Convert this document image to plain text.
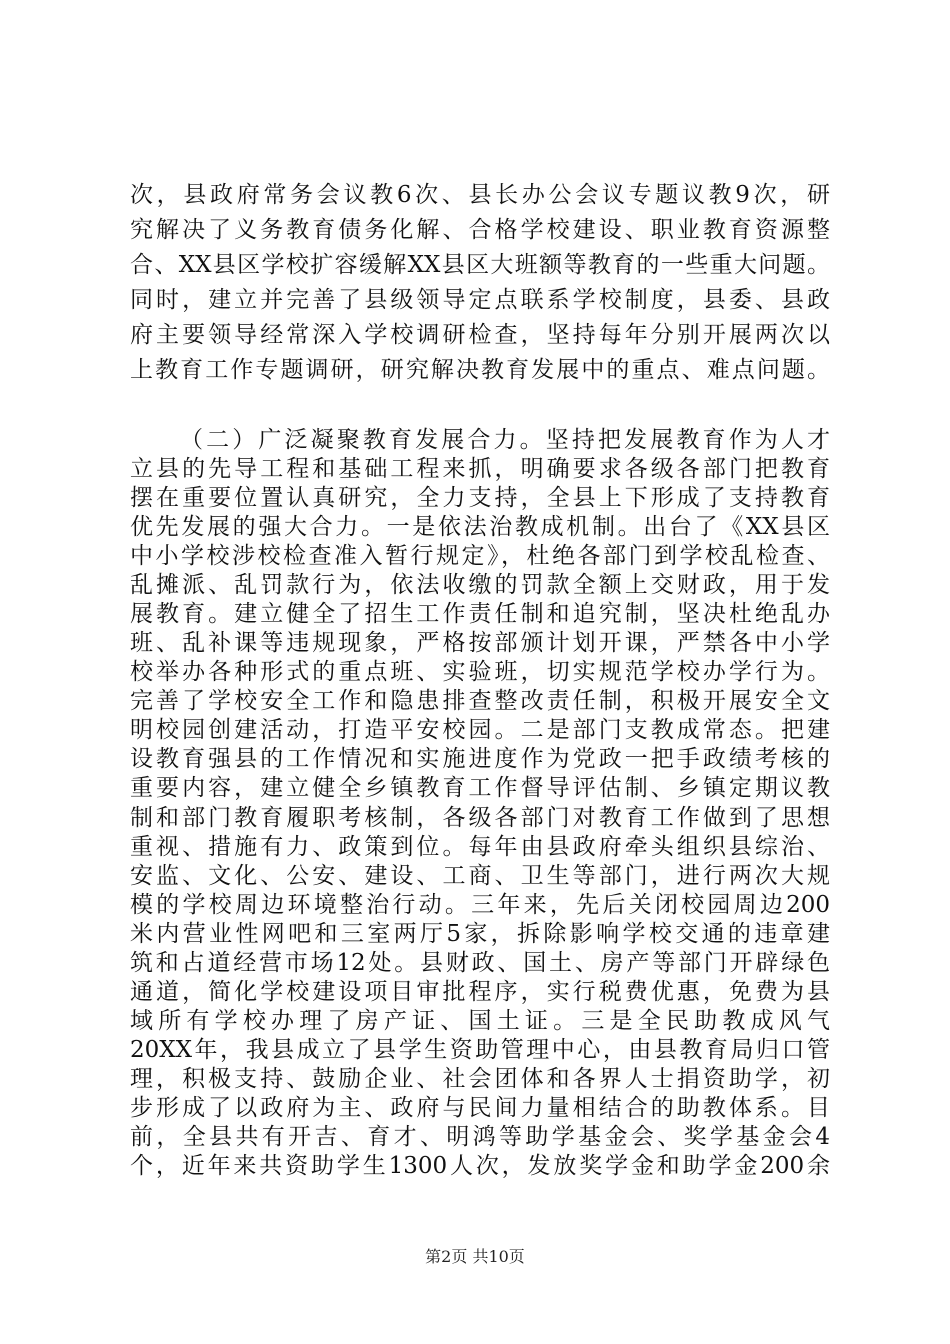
次，县政府常务会议教6次、县长办公会议专题议教9次，研
究解决了义务教育债务化解、合格学校建设、职业教育资源整
合、XX县区学校扩容缓解XX县区大班额等教育的一些重大问题。
同时，建立并完善了县级领导定点联系学校制度，县委、县政
府主要领导经常深入学校调研检查，坚持每年分别开展两次以
上教育工作专题调研，研究解决教育发展中的重点、难点问题。
（二）广泛凝聚教育发展合力。坚持把发展教育作为人才
立县的先导工程和基础工程来抓，明确要求各级各部门把教育
摆在重要位置认真研究，全力支持，全县上下形成了支持教育
优先发展的强大合力。一是依法治教成机制。出台了《XX县区
中小学校涉校检查准入暂行规定》，杜绝各部门到学校乱检查、
乱摊派、乱罚款行为，依法收缴的罚款全额上交财政，用于发
展教育。建立健全了招生工作责任制和追究制，坚决杜绝乱办
班、乱补课等违规现象，严格按部颁计划开课，严禁各中小学
校举办各种形式的重点班、实验班，切实规范学校办学行为。
完善了学校安全工作和隐患排查整改责任制，积极开展安全文
明校园创建活动，打造平安校园。二是部门支教成常态。把建
设教育强县的工作情况和实施进度作为党政一把手政绩考核的
重要内容，建立健全乡镇教育工作督导评估制、乡镇定期议教
制和部门教育履职考核制，各级各部门对教育工作做到了思想
重视、措施有力、政策到位。每年由县政府牵头组织县综治、
安监、文化、公安、建设、工商、卫生等部门，进行两次大规
模的学校周边环境整治行动。三年来，先后关闭校园周边200
米内营业性网吧和三室两厅5家，拆除影响学校交通的违章建
筑和占道经营市场12处。县财政、国土、房产等部门开辟绿色
通道，简化学校建设项目审批程序，实行税费优惠，免费为县
域所有学校办理了房产证、国土证。三是全民助教成风气
20XX年，我县成立了县学生资助管理中心，由县教育局归口管
理，积极支持、鼓励企业、社会团体和各界人士捐资助学，初
步形成了以政府为主、政府与民间力量相结合的助教体系。目
前，全县共有开吉、育才、明鸿等助学基金会、奖学基金会4
个，近年来共资助学生1300人次，发放奖学金和助学金200余
第2页 共10页
